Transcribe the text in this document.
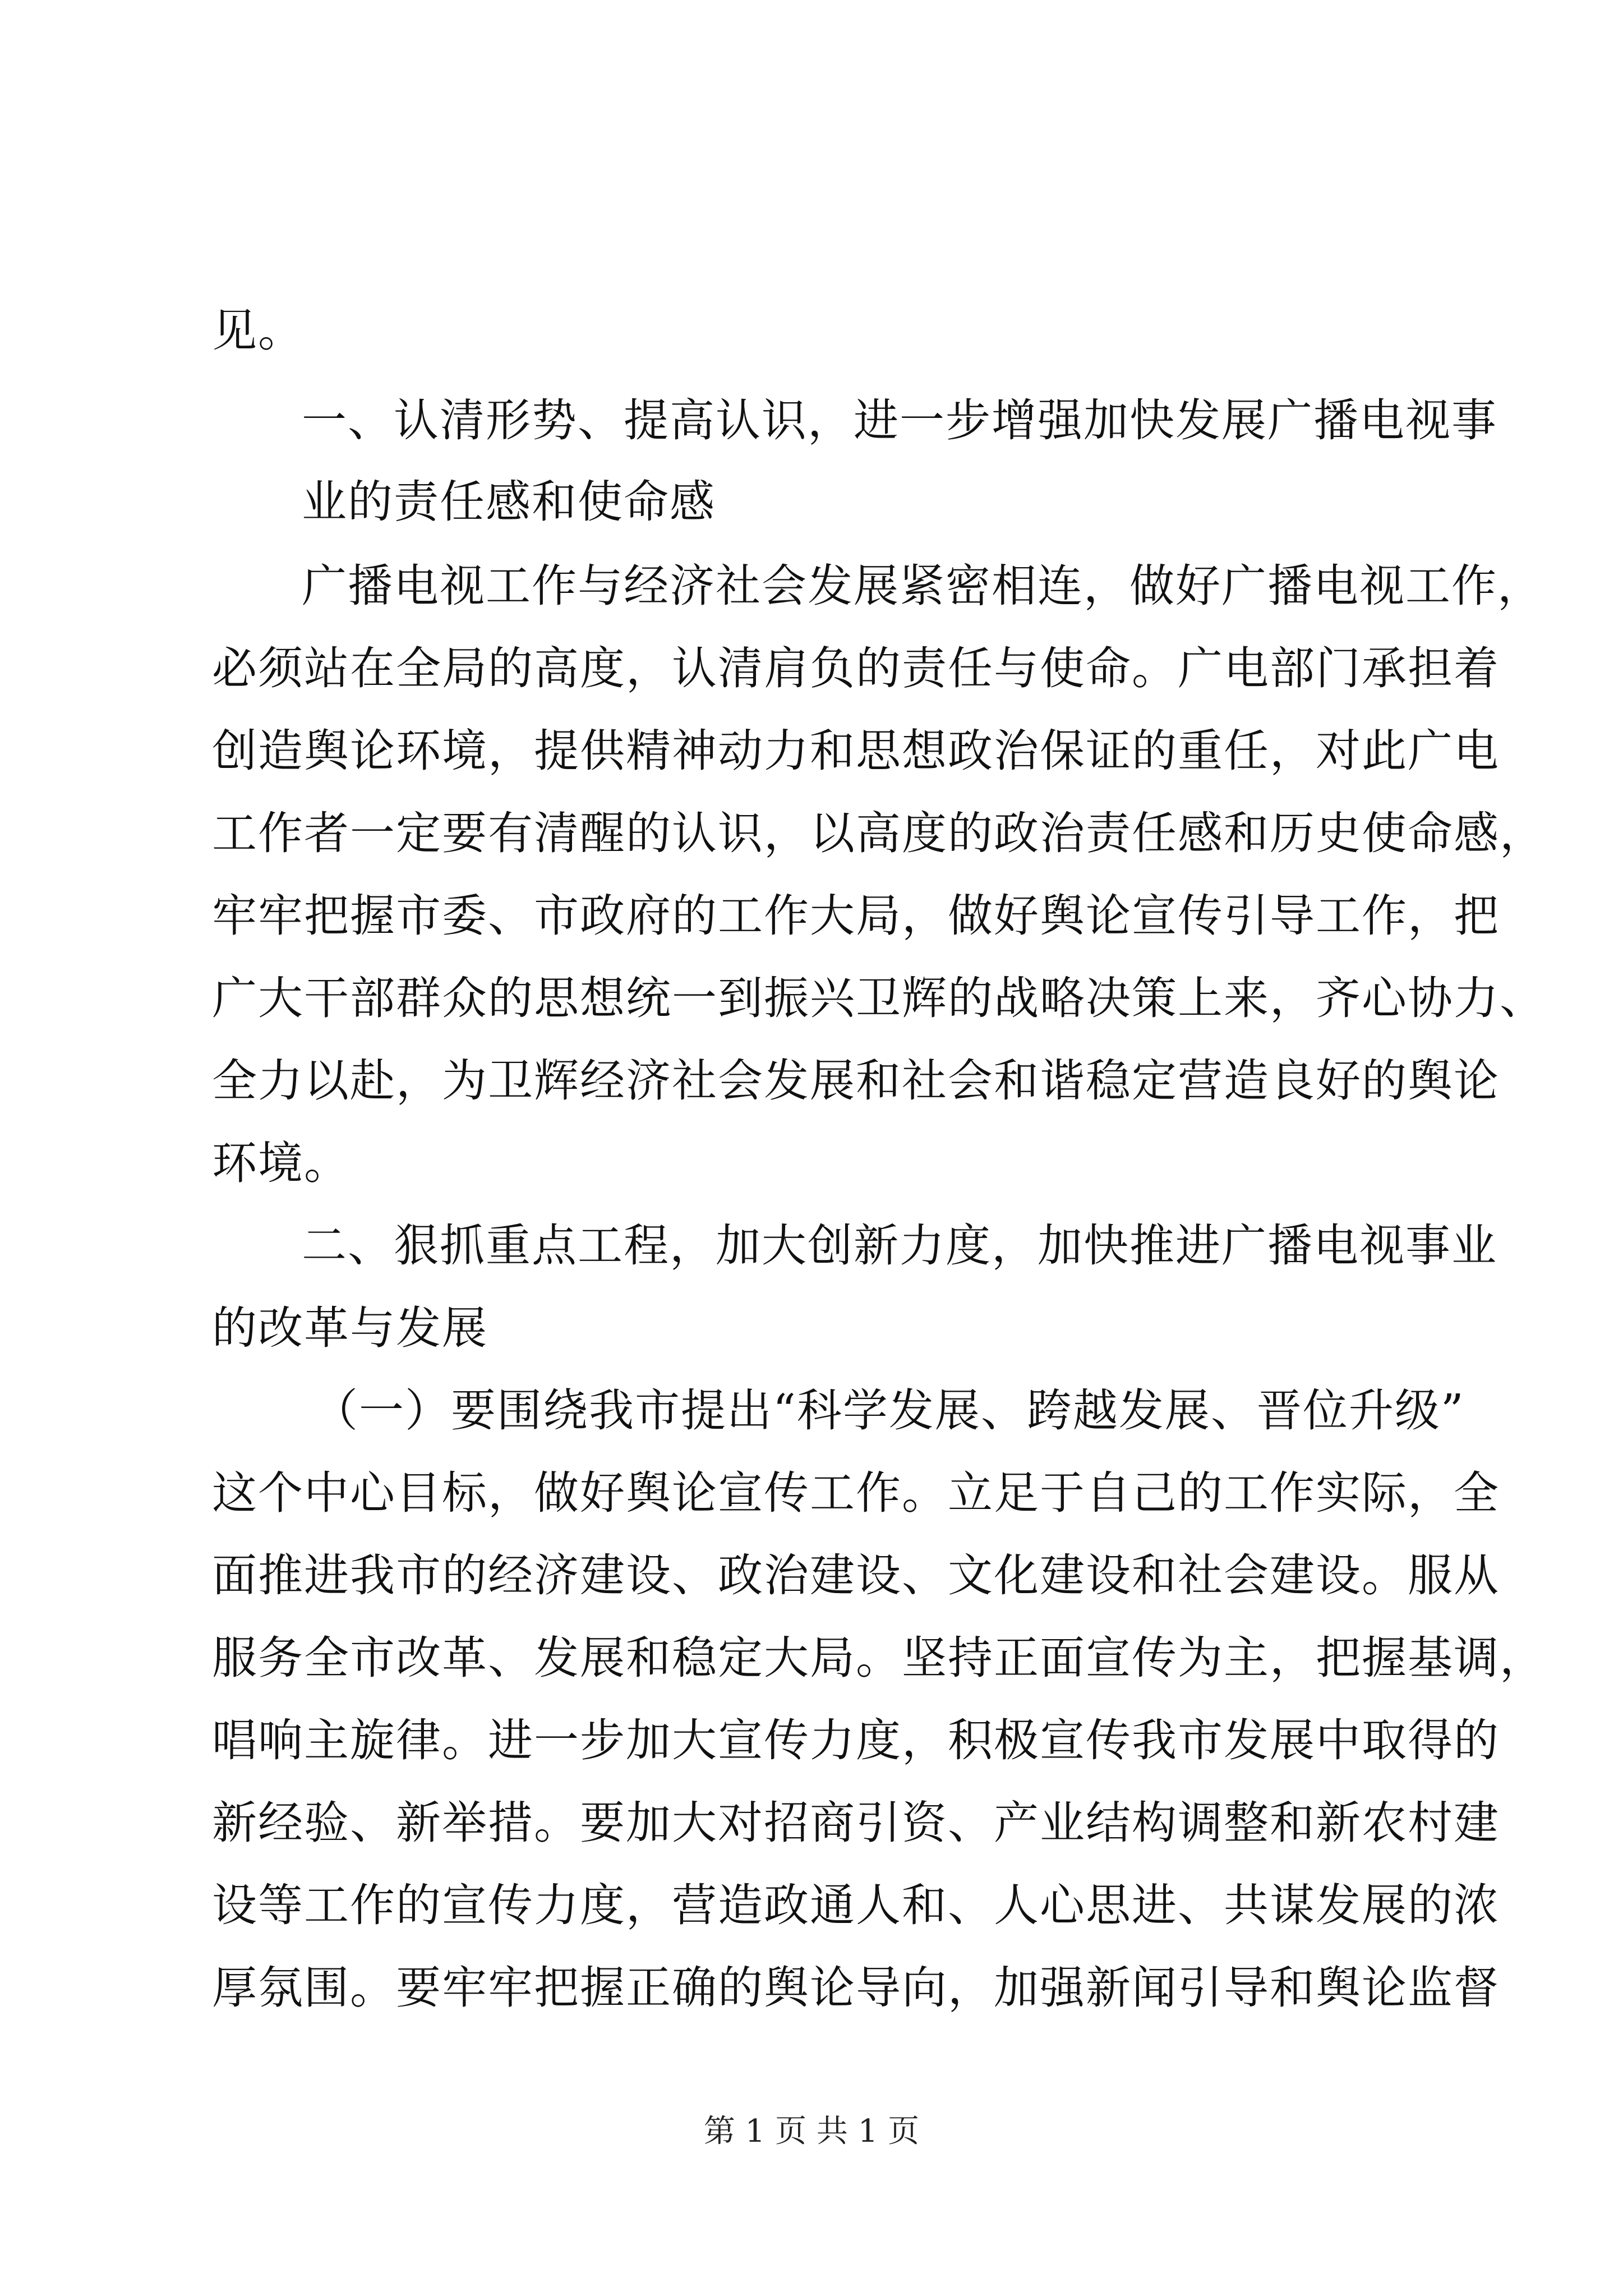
见。
一、认清形势、提高认识，进一步增强加快发展广播电视事
业的责任感和使命感
广播电视工作与经济社会发展紧密相连，做好广播电视工作，
必须站在全局的高度，认清肩负的责任与使命。广电部门承担着
创造舆论环境，提供精神动力和思想政治保证的重任，对此广电
工作者一定要有清醒的认识，以高度的政治责任感和历史使命感，
牢牢把握市委、市政府的工作大局，做好舆论宣传引导工作，把
广大干部群众的思想统一到振兴卫辉的战略决策上来，齐心协力、
全力以赴，为卫辉经济社会发展和社会和谐稳定营造良好的舆论
环境。
二、狠抓重点工程，加大创新力度，加快推进广播电视事业
的改革与发展
（一）要围绕我市提出“科学发展、跨越发展、晋位升级”
这个中心目标，做好舆论宣传工作。立足于自己的工作实际，全
面推进我市的经济建设、政治建设、文化建设和社会建设。服从
服务全市改革、发展和稳定大局。坚持正面宣传为主，把握基调，
唱响主旋律。进一步加大宣传力度，积极宣传我市发展中取得的
新经验、新举措。要加大对招商引资、产业结构调整和新农村建
设等工作的宣传力度，营造政通人和、人心思进、共谋发展的浓
厚氛围。要牢牢把握正确的舆论导向，加强新闻引导和舆论监督
第 1 页 共 1 页
